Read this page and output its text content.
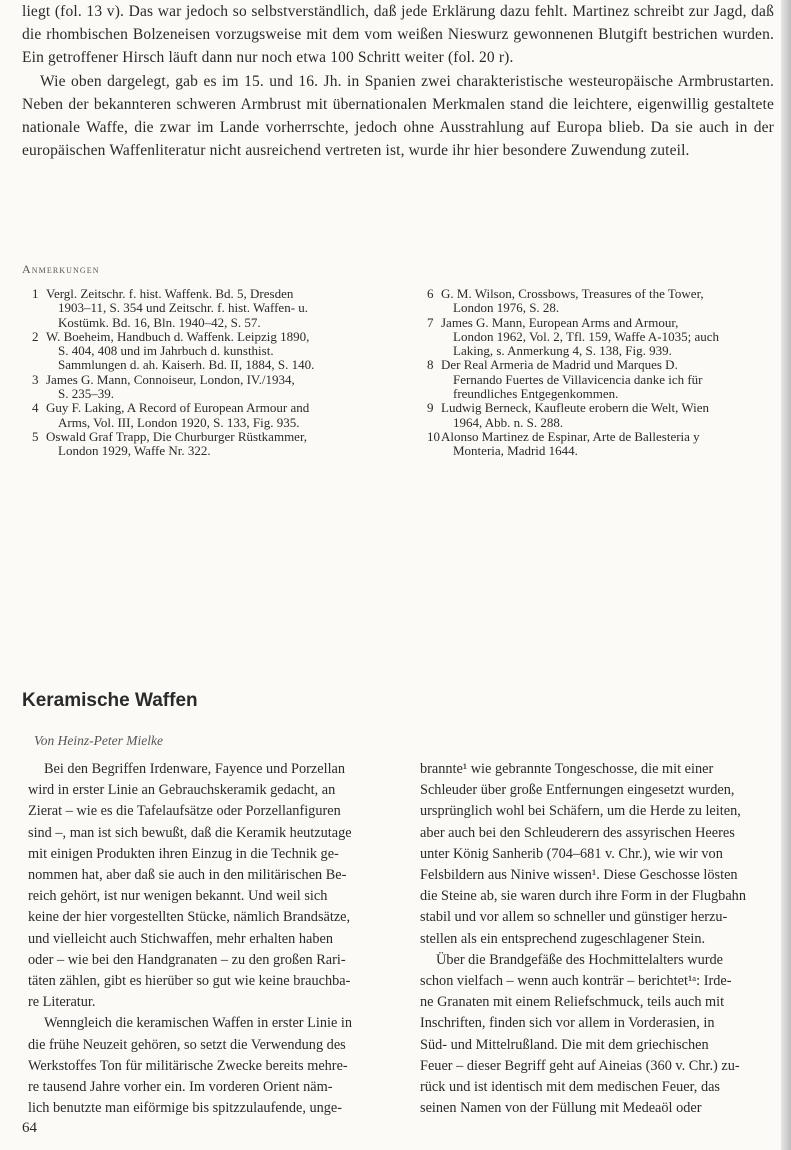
liegt (fol. 13 v). Das war jedoch so selbstverständlich, daß jede Erklärung dazu fehlt. Martinez schreibt zur Jagd, daß die rhombischen Bolzeneisen vorzugsweise mit dem vom weißen Nieswurz gewonnenen Blutgift bestrichen wurden. Ein getroffener Hirsch läuft dann nur noch etwa 100 Schritt weiter (fol. 20 r).

Wie oben dargelegt, gab es im 15. und 16. Jh. in Spanien zwei charakteristische westeuropäische Armbrustarten. Neben der bekannteren schweren Armbrust mit übernationalen Merkmalen stand die leichtere, eigenwillig gestaltete nationale Waffe, die zwar im Lande vorherrschte, jedoch ohne Ausstrahlung auf Europa blieb. Da sie auch in der europäischen Waffenliteratur nicht ausreichend vertreten ist, wurde ihr hier besondere Zuwendung zuteil.

Anmerkungen
1 Vergl. Zeitschr. f. hist. Waffenk. Bd. 5, Dresden
1903–11, S. 354 und Zeitschr. f. hist. Waffen- u.
Kostümk. Bd. 16, Bln. 1940–42, S. 57.
2 W. Boeheim, Handbuch d. Waffenk. Leipzig 1890,
S. 404, 408 und im Jahrbuch d. kunsthist.
Sammlungen d. ah. Kaiserh. Bd. II, 1884, S. 140.
3 James G. Mann, Connoiseur, London, IV./1934,
S. 235–39.
4 Guy F. Laking, A Record of European Armour and
Arms, Vol. III, London 1920, S. 133, Fig. 935.
5 Oswald Graf Trapp, Die Churburger Rüstkammer,
London 1929, Waffe Nr. 322.
6 G. M. Wilson, Crossbows, Treasures of the Tower,
London 1976, S. 28.
7 James G. Mann, European Arms and Armour,
London 1962, Vol. 2, Tfl. 159, Waffe A-1035; auch
Laking, s. Anmerkung 4, S. 138, Fig. 939.
8 Der Real Armeria de Madrid und Marques D.
Fernando Fuertes de Villavicencia danke ich für
freundliches Entgegenkommen.
9 Ludwig Berneck, Kaufleute erobern die Welt, Wien
1964, Abb. n. S. 288.
10 Alonso Martinez de Espinar, Arte de Ballesteria y
Monteria, Madrid 1644.
Keramische Waffen
Von Heinz-Peter Mielke
Bei den Begriffen Irdenware, Fayence und Porzellan
wird in erster Linie an Gebrauchskeramik gedacht, an
Zierat – wie es die Tafelaufsätze oder Porzellanfiguren
sind –, man ist sich bewußt, daß die Keramik heutzutage
mit einigen Produkten ihren Einzug in die Technik ge-
nommen hat, aber daß sie auch in den militärischen Be-
reich gehört, ist nur wenigen bekannt. Und weil sich
keine der hier vorgestellten Stücke, nämlich Brandsätze,
und vielleicht auch Stichwaffen, mehr erhalten haben
oder – wie bei den Handgranaten – zu den großen Rari-
täten zählen, gibt es hierüber so gut wie keine brauchba-
re Literatur.
Wenngleich die keramischen Waffen in erster Linie in
die frühe Neuzeit gehören, so setzt die Verwendung des
Werkstoffes Ton für militärische Zwecke bereits mehre-
re tausend Jahre vorher ein. Im vorderen Orient näm-
lich benutzte man eiförmige bis spitzzulaufende, unge-
brannte¹ wie gebrannte Tongeschosse, die mit einer
Schleuder über große Entfernungen eingesetzt wurden,
ursprünglich wohl bei Schäfern, um die Herde zu leiten,
aber auch bei den Schleuderern des assyrischen Heeres
unter König Sanherib (704–681 v. Chr.), wie wir von
Felsbildern aus Ninive wissen¹. Diese Geschosse lösten
die Steine ab, sie waren durch ihre Form in der Flugbahn
stabil und vor allem so schneller und günstiger herzu-
stellen als ein entsprechend zugeschlagener Stein.
Über die Brandgefäße des Hochmittelalters wurde
schon vielfach – wenn auch konträr – berichtet¹ᵃ: Irde-
ne Granaten mit einem Reliefschmuck, teils auch mit
Inschriften, finden sich vor allem in Vorderasien, in
Süd- und Mittelrußland. Die mit dem griechischen
Feuer – dieser Begriff geht auf Aineias (360 v. Chr.) zu-
rück und ist identisch mit dem medischen Feuer, das
seinen Namen von der Füllung mit Medeaöl oder
64
